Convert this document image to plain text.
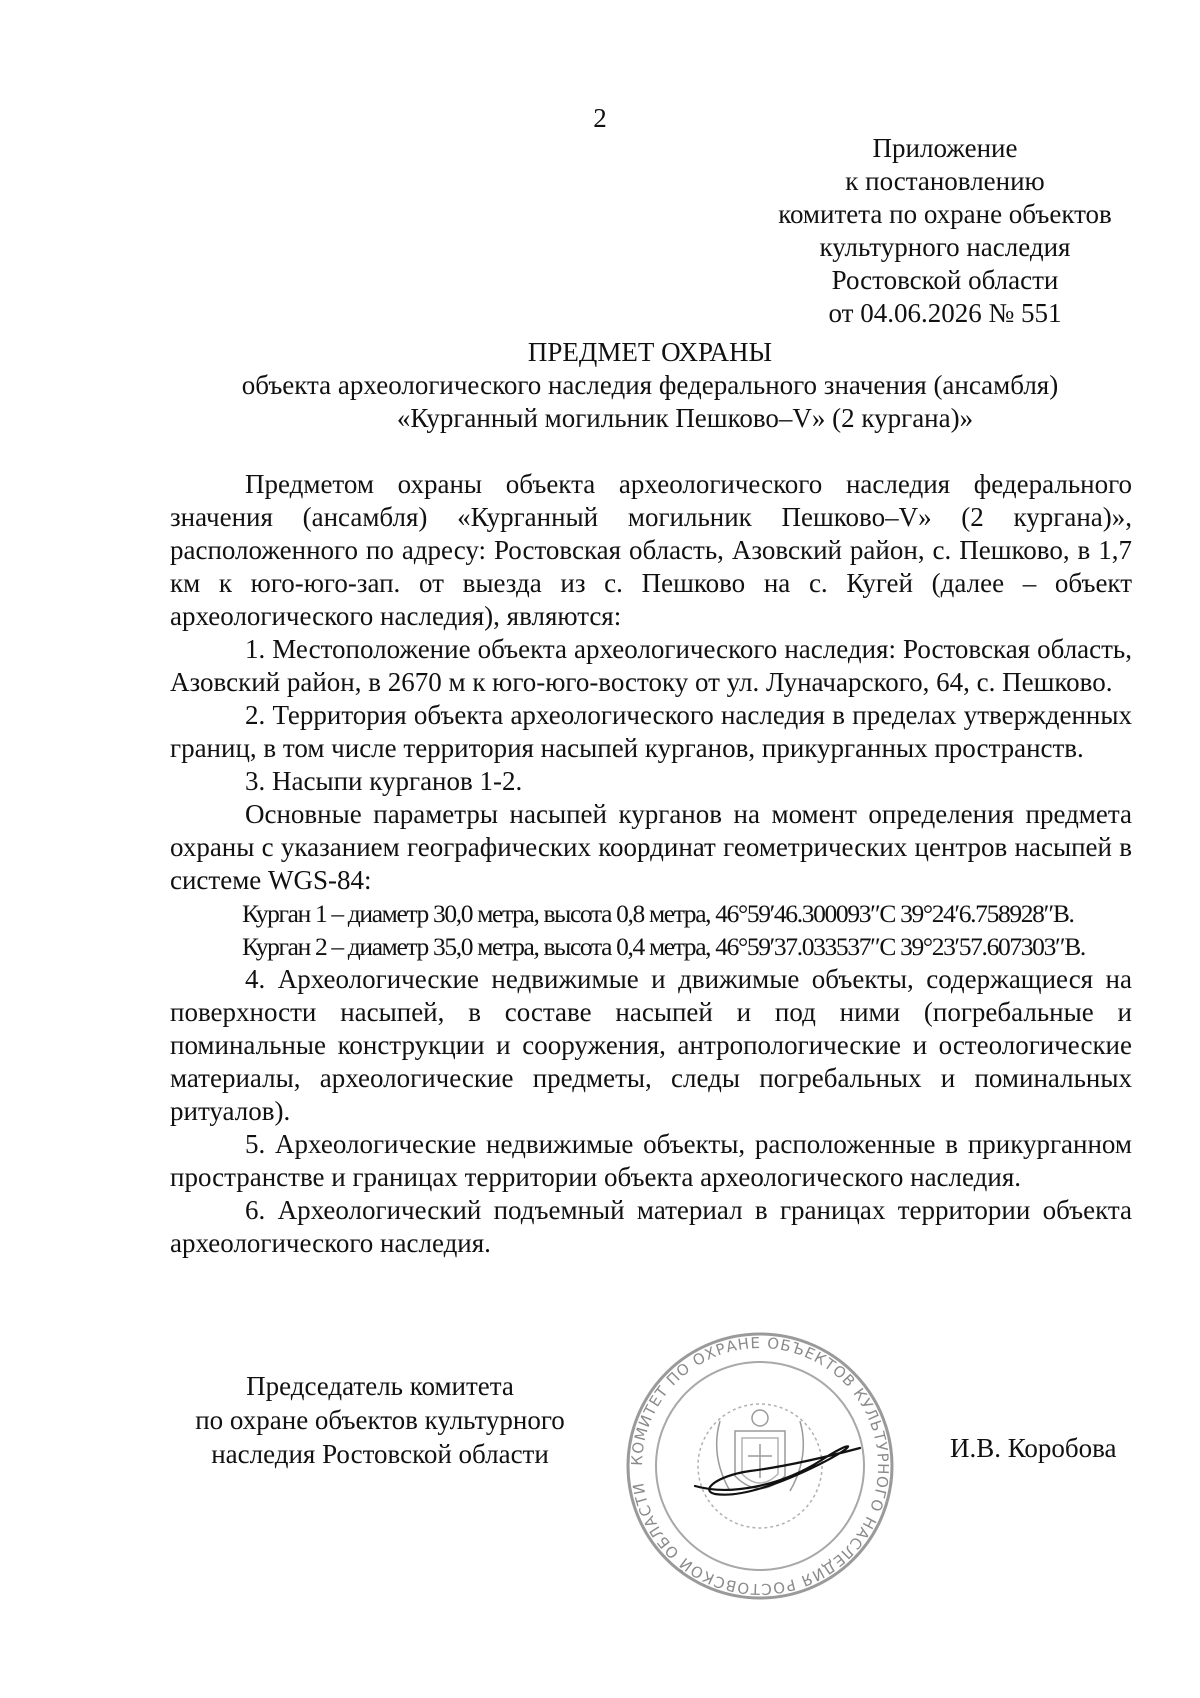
2
Приложение
к постановлению
комитета по охране объектов
культурного наследия
Ростовской области
от 04.06.2026 № 551
ПРЕДМЕТ ОХРАНЫ
объекта археологического наследия федерального значения (ансамбля)
«Курганный могильник Пешково–V» (2 кургана)»

Предметом охраны объекта археологического наследия федерального значения (ансамбля) «Курганный могильник Пешково–V» (2 кургана)», расположенного по адресу: Ростовская область, Азовский район, с. Пешково, в 1,7 км к юго-юго-зап. от выезда из с. Пешково на с. Кугей (далее – объект археологического наследия), являются:

1. Местоположение объекта археологического наследия: Ростовская область, Азовский район, в 2670 м к юго-юго-востоку от ул. Луначарского, 64, с. Пешково.

2. Территория объекта археологического наследия в пределах утвержденных границ, в том числе территория насыпей курганов, прикурганных пространств.

3. Насыпи курганов 1-2.

Основные параметры насыпей курганов на момент определения предмета охраны с указанием географических координат геометрических центров насыпей в системе WGS-84:

Курган 1 – диаметр 30,0 метра, высота 0,8 метра, 46°59′46.300093″С 39°24′6.758928″В.

Курган 2 – диаметр 35,0 метра, высота 0,4 метра, 46°59′37.033537″С 39°23′57.607303″В.

4. Археологические недвижимые и движимые объекты, содержащиеся на поверхности насыпей, в составе насыпей и под ними (погребальные и поминальные конструкции и сооружения, антропологические и остеологические материалы, археологические предметы, следы погребальных и поминальных ритуалов).

5. Археологические недвижимые объекты, расположенные в прикурганном пространстве и границах территории объекта археологического наследия.

6. Археологический подъемный материал в границах территории объекта археологического наследия.

Председатель комитета
по охране объектов культурного
наследия Ростовской области	КОМИТЕТ ПО ОХРАНЕ ОБЪЕКТОВ КУЛЬТУРНОГО НАСЛЕДИЯ РОСТОВСКОЙ ОБЛАСТИ
И.В. Коробова
